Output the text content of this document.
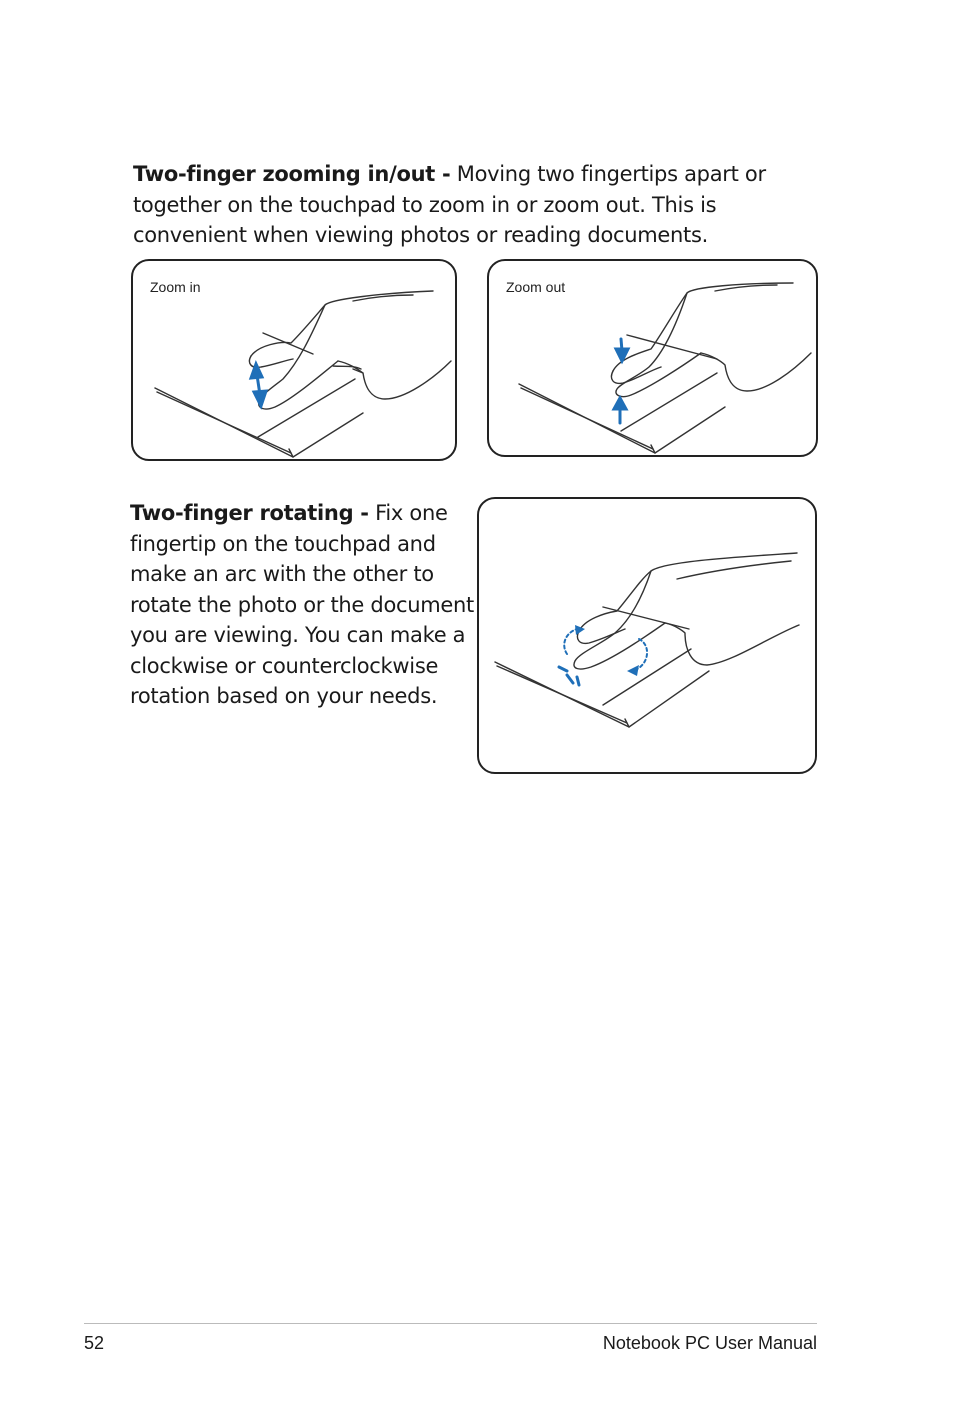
Two-finger zooming in/out - Moving two fingertips apart or together on the touchpad to zoom in or zoom out. This is convenient when viewing photos or reading documents.

Zoom in	Zoom out

Two-finger rotating - Fix one fingertip on the touchpad and make an arc with the other to rotate the photo or the document you are viewing. You can make a clockwise or counterclockwise rotation based on your needs.

52	Notebook PC User Manual
